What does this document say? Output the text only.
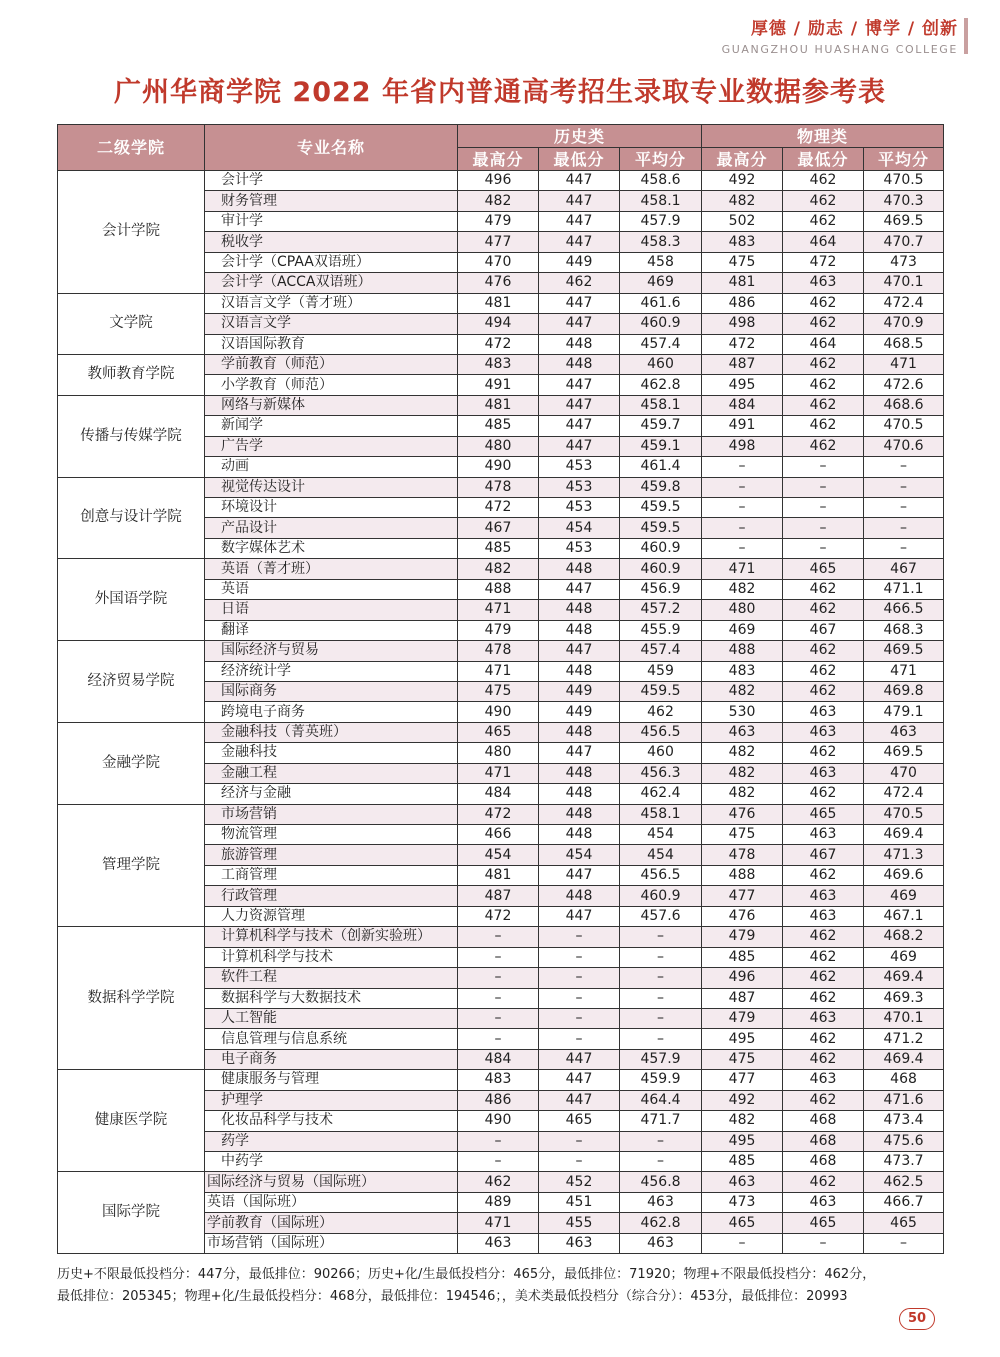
厚德 / 励志 / 博学 / 创新
GUANGZHOU HUASHANG COLLEGE
广州华商学院 2022 年省内普通高考招生录取专业数据参考表
二级学院	专业名称	历史类			物理类		
		最高分	最低分	平均分	最高分	最低分	平均分
会计学院	会计学	496	447	458.6	492	462	470.5
	财务管理	482	447	458.1	482	462	470.3
	审计学	479	447	457.9	502	462	469.5
	税收学	477	447	458.3	483	464	470.7
	会计学（CPAA双语班）	470	449	458	475	472	473
	会计学（ACCA双语班）	476	462	469	481	463	470.1
文学院	汉语言文学（菁才班）	481	447	461.6	486	462	472.4
	汉语言文学	494	447	460.9	498	462	470.9
	汉语国际教育	472	448	457.4	472	464	468.5
教师教育学院	学前教育（师范）	483	448	460	487	462	471
	小学教育（师范）	491	447	462.8	495	462	472.6
传播与传媒学院	网络与新媒体	481	447	458.1	484	462	468.6
	新闻学	485	447	459.7	491	462	470.5
	广告学	480	447	459.1	498	462	470.6
	动画	490	453	461.4	–	–	–
创意与设计学院	视觉传达设计	478	453	459.8	–	–	–
	环境设计	472	453	459.5	–	–	–
	产品设计	467	454	459.5	–	–	–
	数字媒体艺术	485	453	460.9	–	–	–
外国语学院	英语（菁才班）	482	448	460.9	471	465	467
	英语	488	447	456.9	482	462	471.1
	日语	471	448	457.2	480	462	466.5
	翻译	479	448	455.9	469	467	468.3
经济贸易学院	国际经济与贸易	478	447	457.4	488	462	469.5
	经济统计学	471	448	459	483	462	471
	国际商务	475	449	459.5	482	462	469.8
	跨境电子商务	490	449	462	530	463	479.1
金融学院	金融科技（菁英班）	465	448	456.5	463	463	463
	金融科技	480	447	460	482	462	469.5
	金融工程	471	448	456.3	482	463	470
	经济与金融	484	448	462.4	482	462	472.4
管理学院	市场营销	472	448	458.1	476	465	470.5
	物流管理	466	448	454	475	463	469.4
	旅游管理	454	454	454	478	467	471.3
	工商管理	481	447	456.5	488	462	469.6
	行政管理	487	448	460.9	477	463	469
	人力资源管理	472	447	457.6	476	463	467.1
数据科学学院	计算机科学与技术（创新实验班）	–	–	–	479	462	468.2
	计算机科学与技术	–	–	–	485	462	469
	软件工程	–	–	–	496	462	469.4
	数据科学与大数据技术	–	–	–	487	462	469.3
	人工智能	–	–	–	479	463	470.1
	信息管理与信息系统	–	–	–	495	462	471.2
	电子商务	484	447	457.9	475	462	469.4
健康医学院	健康服务与管理	483	447	459.9	477	463	468
	护理学	486	447	464.4	492	462	471.6
	化妆品科学与技术	490	465	471.7	482	468	473.4
	药学	–	–	–	495	468	475.6
	中药学	–	–	–	485	468	473.7
国际学院	国际经济与贸易（国际班）	462	452	456.8	463	462	462.5
	英语（国际班）	489	451	463	473	463	466.7
	学前教育（国际班）	471	455	462.8	465	465	465
	市场营销（国际班）	463	463	463	–	–	–
历史+不限最低投档分：447分，最低排位：90266；历史+化/生最低投档分：465分，最低排位：71920；物理+不限最低投档分：462分，
最低排位：205345；物理+化/生最低投档分：468分，最低排位：194546；，美术类最低投档分（综合分）：453分，最低排位：20993
50
